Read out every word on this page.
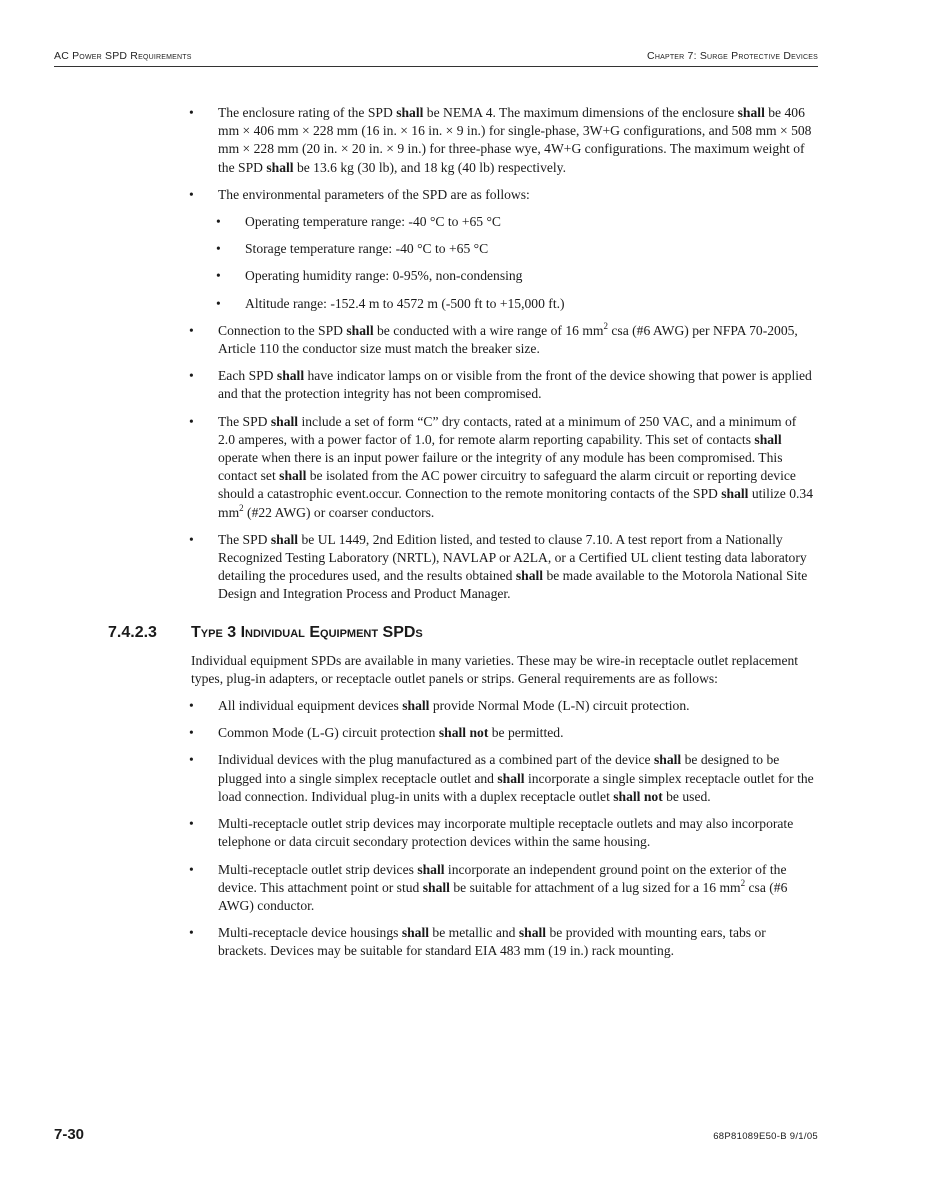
AC Power SPD Requirements	Chapter 7: Surge Protective Devices
• The enclosure rating of the SPD shall be NEMA 4. The maximum dimensions of the enclosure shall be 406 mm × 406 mm × 228 mm (16 in. × 16 in. × 9 in.) for single-phase, 3W+G configurations, and 508 mm × 508 mm × 228 mm (20 in. × 20 in. × 9 in.) for three-phase wye, 4W+G configurations. The maximum weight of the SPD shall be 13.6 kg (30 lb), and 18 kg (40 lb) respectively.
• The environmental parameters of the SPD are as follows:
• Operating temperature range: -40 °C to +65 °C
• Storage temperature range: -40 °C to +65 °C
• Operating humidity range: 0-95%, non-condensing
• Altitude range: -152.4 m to 4572 m (-500 ft to +15,000 ft.)
• Connection to the SPD shall be conducted with a wire range of 16 $mm^2$ csa (#6 AWG) per NFPA 70-2005, Article 110 the conductor size must match the breaker size.
• Each SPD shall have indicator lamps on or visible from the front of the device showing that power is applied and that the protection integrity has not been compromised.
• The SPD shall include a set of form “C” dry contacts, rated at a minimum of 250 VAC, and a minimum of 2.0 amperes, with a power factor of 1.0, for remote alarm reporting capability. This set of contacts shall operate when there is an input power failure or the integrity of any module has been compromised. This contact set shall be isolated from the AC power circuitry to safeguard the alarm circuit or reporting device should a catastrophic event.occur. Connection to the remote monitoring contacts of the SPD shall utilize 0.34 $mm^2$ (#22 AWG) or coarser conductors.
• The SPD shall be UL 1449, 2nd Edition listed, and tested to clause 7.10. A test report from a Nationally Recognized Testing Laboratory (NRTL), NAVLAP or A2LA, or a Certified UL client testing data laboratory detailing the procedures used, and the results obtained shall be made available to the Motorola National Site Design and Integration Process and Product Manager.
7.4.2.3 Type 3 Individual Equipment SPDs

Individual equipment SPDs are available in many varieties. These may be wire-in receptacle outlet replacement types, plug-in adapters, or receptacle outlet panels or strips. General requirements are as follows:

• All individual equipment devices shall provide Normal Mode (L-N) circuit protection.
• Common Mode (L-G) circuit protection shall not be permitted.
• Individual devices with the plug manufactured as a combined part of the device shall be designed to be plugged into a single simplex receptacle outlet and shall incorporate a single simplex receptacle outlet for the load connection. Individual plug-in units with a duplex receptacle outlet shall not be used.
• Multi-receptacle outlet strip devices may incorporate multiple receptacle outlets and may also incorporate telephone or data circuit secondary protection devices within the same housing.
• Multi-receptacle outlet strip devices shall incorporate an independent ground point on the exterior of the device. This attachment point or stud shall be suitable for attachment of a lug sized for a 16 $mm^2$ csa (#6 AWG) conductor.
• Multi-receptacle device housings shall be metallic and shall be provided with mounting ears, tabs or brackets. Devices may be suitable for standard EIA 483 mm (19 in.) rack mounting.
7-30	68P81089E50-B 9/1/05
